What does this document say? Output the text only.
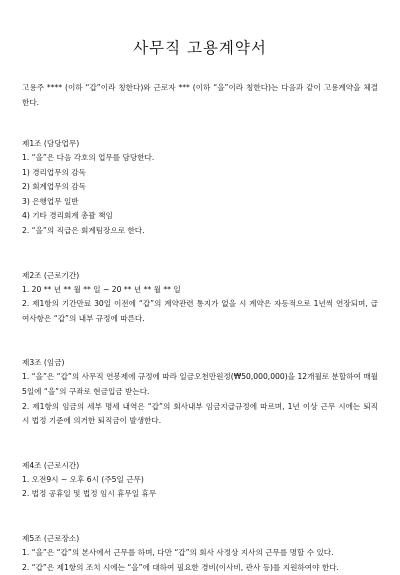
사무직 고용계약서

고용주 **** (이하 “갑”이라 칭한다)와 근로자 *** (이하 “을”이라 칭한다)는 다음과 같이 고용계약을 체결한다.

제1조 (담당업무)

1. “을”은 다음 각호의 업무를 담당한다.

1) 경리업무의 감독

2) 회계업무의 감독

3) 은행업무 일반

4) 기타 경리회계 총괄 책임

2. “을”의 직급은 회계팀장으로 한다.

제2조 (근로기간)

1. 20 ** 년 ** 월 ** 일 ~ 20 ** 년 ** 월 ** 일

2. 제1항의 기간만료 30일 이전에 “갑”의 계약관련 통지가 없을 시 계약은 자동적으로 1년씩 연장되며, 급여사항은 “갑”의 내부 규정에 따른다.

제3조 (임금)

1. “을”은 “갑”의 사무직 연봉제에 규정에 따라 일금오천만원정(₩50,000,000)을 12개월로 분할하여 매월 5일에 “을”의 구좌로 현금입금 받는다.

2. 제1항의 임금의 세부 명세 내역은 “갑”의 회사내부 임금지급규정에 따르며, 1년 이상 근무 시에는 퇴직 시 법정 기준에 의거한 퇴직금이 발생한다.

제4조 (근로시간)

1. 오전9시 ~ 오후 6시 (주5일 근무)

2. 법정 공휴일 및 법정 임시 휴무일 휴무

제5조 (근로장소)

1. “을”은 “갑”의 본사에서 근무를 하며, 다만 “갑”의 회사 사정상 지사의 근무를 명할 수 있다.

2. “갑”은 제1항의 조치 시에는 “을”에 대하여 필요한 경비(이사비, 관사 등)를 지원하여야 한다.
